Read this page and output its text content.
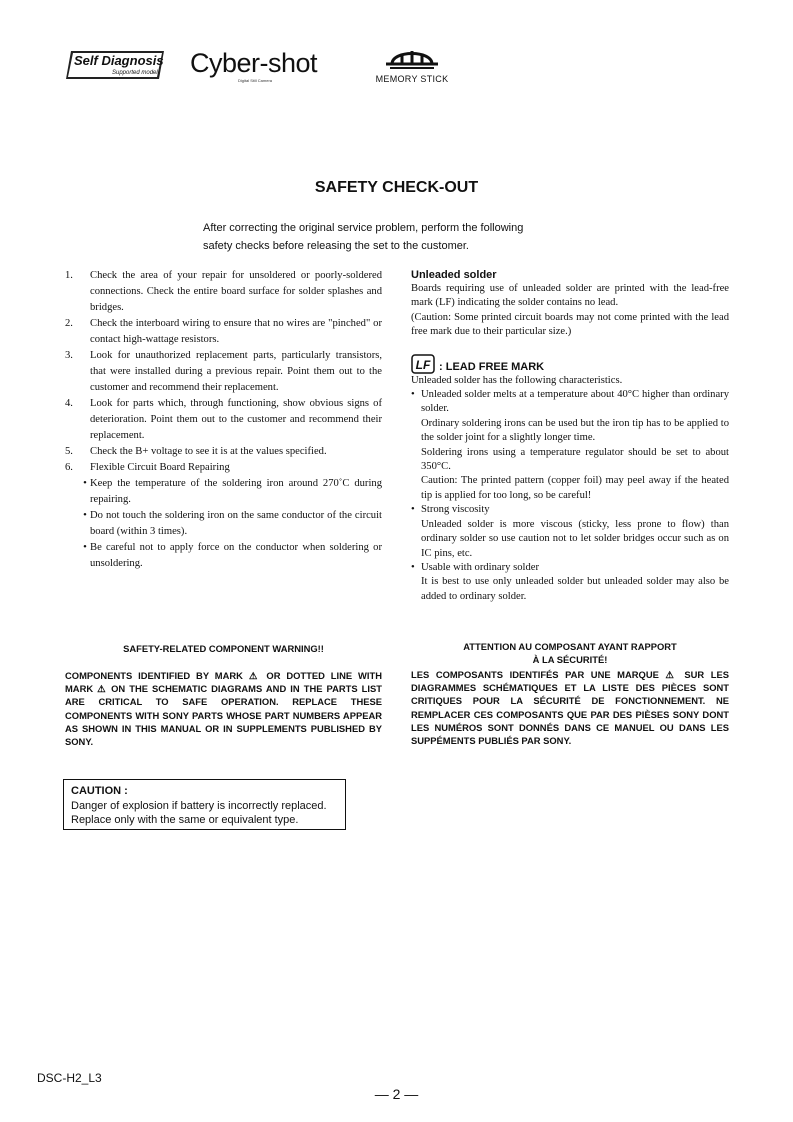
Self Diagnosis
Supported model Cyber-shot
Digital Still Camera	MEMORY STICK
SAFETY CHECK-OUT
After correcting the original service problem, perform the following
safety checks before releasing the set to the customer.
1.	Check the area of your repair for unsoldered or poorly-soldered connections. Check the entire board surface for solder splashes and bridges.
2.	Check the interboard wiring to ensure that no wires are "pinched" or contact high-wattage resistors.
3.	Look for unauthorized replacement parts, particularly transistors, that were installed during a previous repair. Point them out to the customer and recommend their replacement.
4.	Look for parts which, through functioning, show obvious signs of deterioration. Point them out to the customer and recommend their replacement.
5.	Check the B+ voltage to see it is at the values specified.
6.	Flexible Circuit Board Repairing
• Keep the temperature of the soldering iron around 270˚C during repairing.
• Do not touch the soldering iron on the same conductor of the circuit board (within 3 times).
• Be careful not to apply force on the conductor when soldering or unsoldering.
Unleaded solder
Boards requiring use of unleaded solder are printed with the lead-free mark (LF) indicating the solder contains no lead.
(Caution: Some printed circuit boards may not come printed with the lead free mark due to their particular size.)
LF : LEAD FREE MARK
Unleaded solder has the following characteristics.
• Unleaded solder melts at a temperature about 40°C higher than ordinary solder.
Ordinary soldering irons can be used but the iron tip has to be applied to the solder joint for a slightly longer time.
Soldering irons using a temperature regulator should be set to about 350°C.
Caution: The printed pattern (copper foil) may peel away if the heated tip is applied for too long, so be careful!
• Strong viscosity
Unleaded solder is more viscous (sticky, less prone to flow) than ordinary solder so use caution not to let solder bridges occur such as on IC pins, etc.
• Usable with ordinary solder
It is best to use only unleaded solder but unleaded solder may also be added to ordinary solder.
SAFETY-RELATED COMPONENT WARNING!!
COMPONENTS IDENTIFIED BY MARK ⚠ OR DOTTED LINE WITH MARK ⚠ ON THE SCHEMATIC DIAGRAMS AND IN THE PARTS LIST ARE CRITICAL TO SAFE OPERATION. REPLACE THESE COMPONENTS WITH SONY PARTS WHOSE PART NUMBERS APPEAR AS SHOWN IN THIS MANUAL OR IN SUPPLEMENTS PUBLISHED BY SONY.
ATTENTION AU COMPOSANT AYANT RAPPORT
À LA SÉCURITÉ!
LES COMPOSANTS IDENTIFÉS PAR UNE MARQUE ⚠ SUR LES DIAGRAMMES SCHÉMATIQUES ET LA LISTE DES PIÈCES SONT CRITIQUES POUR LA SÉCURITÉ DE FONCTIONNEMENT. NE REMPLACER CES COMPOSANTS QUE PAR DES PIÈSES SONY DONT LES NUMÉROS SONT DONNÉS DANS CE MANUEL OU DANS LES SUPPÉMENTS PUBLIÉS PAR SONY.
CAUTION :
Danger of explosion if battery is incorrectly replaced.
Replace only with the same or equivalent type.
DSC-H2_L3
— 2 —
